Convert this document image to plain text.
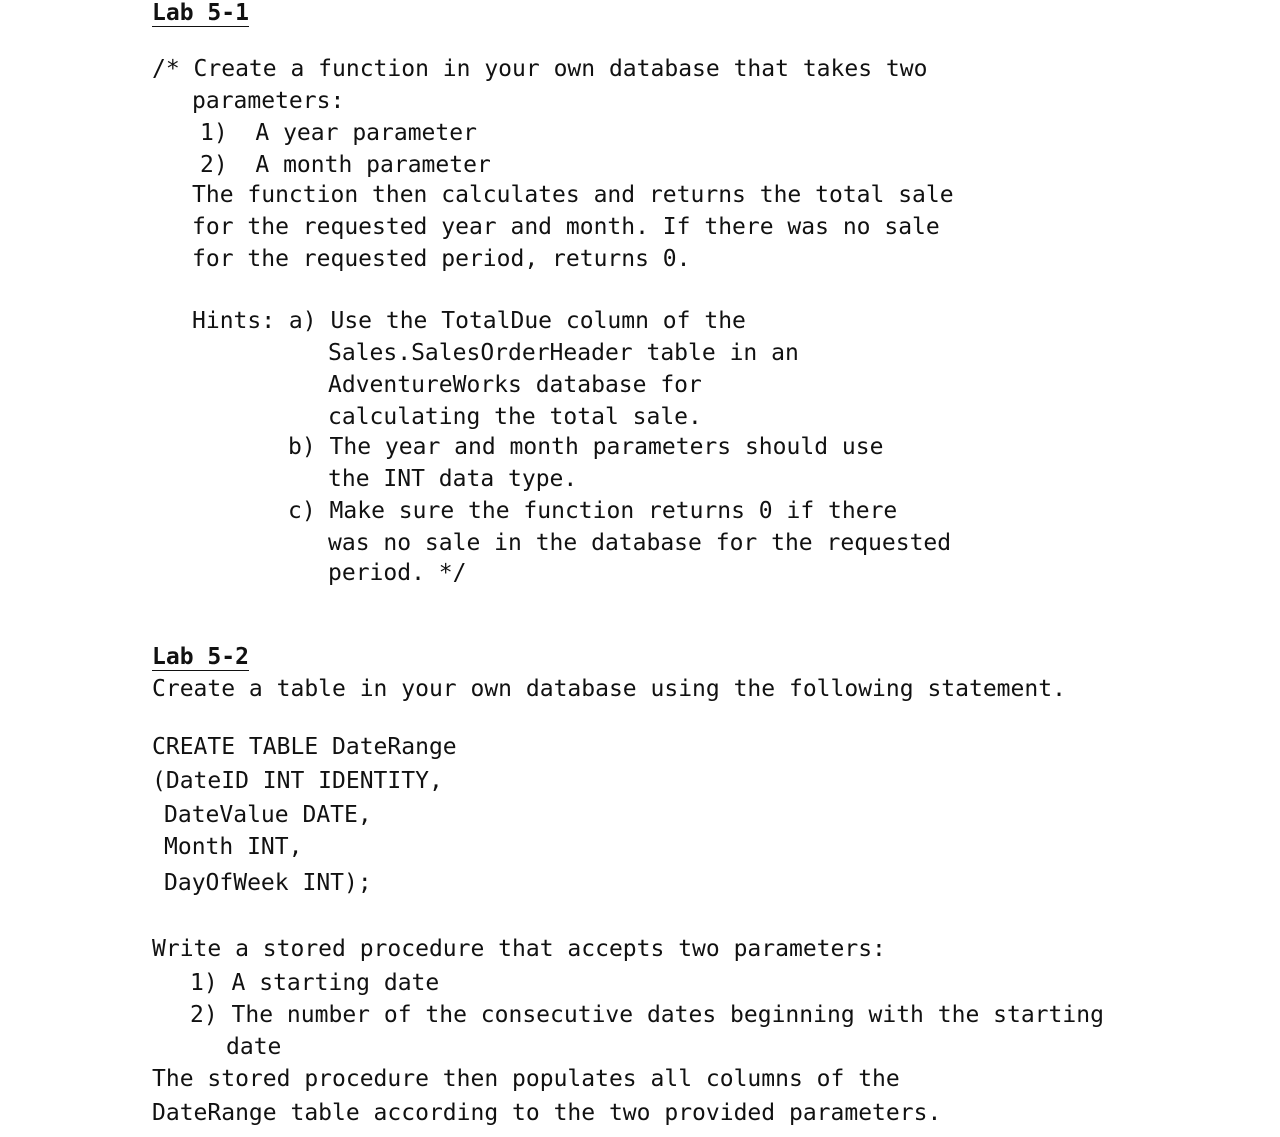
Lab 5-1
/* Create a function in your own database that takes two
parameters:
1)  A year parameter
2)  A month parameter
The function then calculates and returns the total sale
for the requested year and month. If there was no sale
for the requested period, returns 0.
Hints: a) Use the TotalDue column of the
Sales.SalesOrderHeader table in an
AdventureWorks database for
calculating the total sale.
b) The year and month parameters should use
the INT data type.
c) Make sure the function returns 0 if there
was no sale in the database for the requested
period. */
Lab 5-2
Create a table in your own database using the following statement.
CREATE TABLE DateRange
(DateID INT IDENTITY,
DateValue DATE,
Month INT,
DayOfWeek INT);
Write a stored procedure that accepts two parameters:
1) A starting date
2) The number of the consecutive dates beginning with the starting
date
The stored procedure then populates all columns of the
DateRange table according to the two provided parameters.
